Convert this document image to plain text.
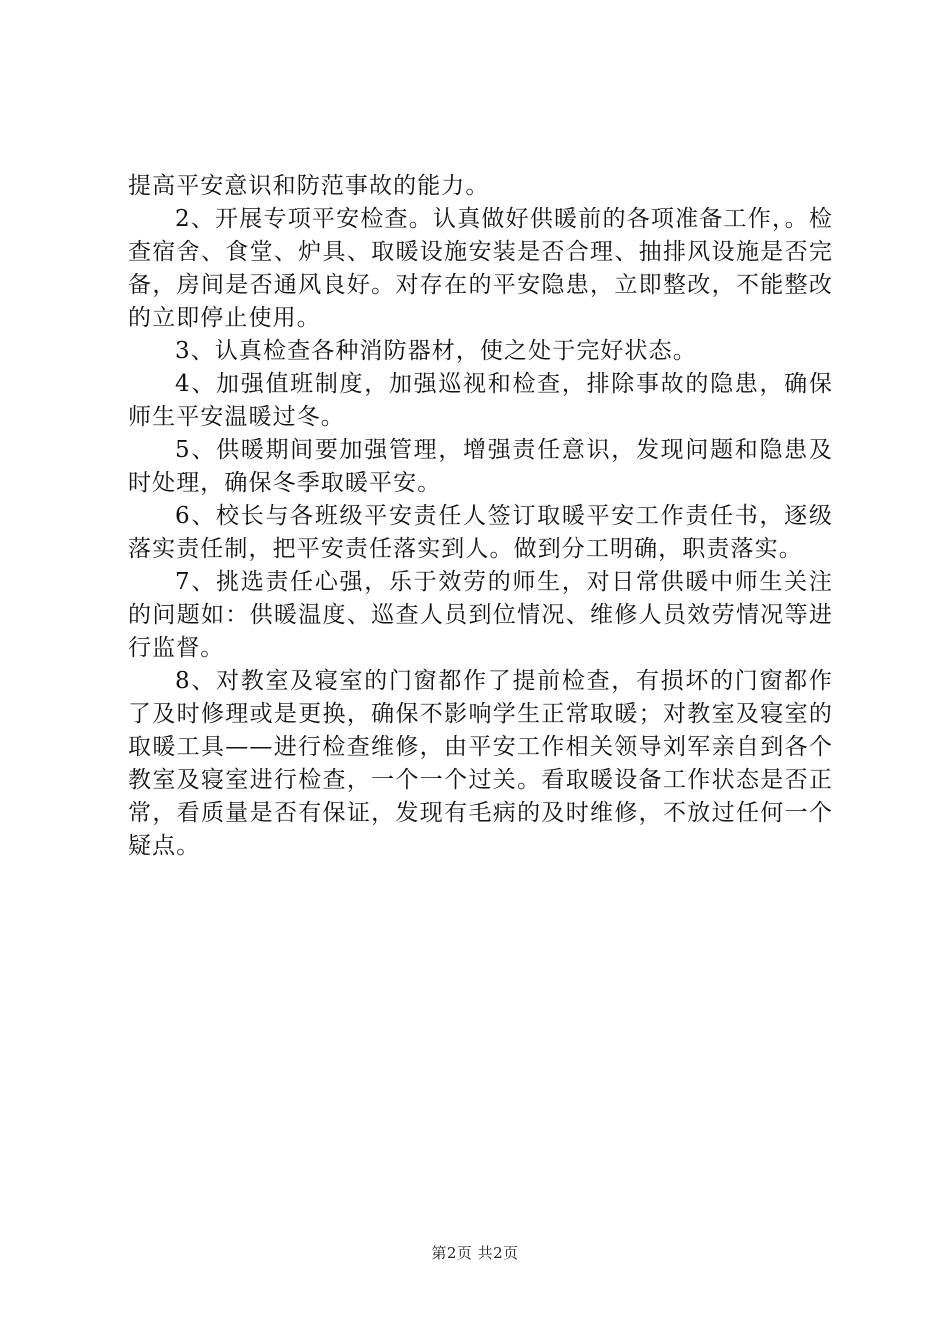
提高平安意识和防范事故的能力。

2、开展专项平安检查。认真做好供暖前的各项准备工作，。检查宿舍、食堂、炉具、取暖设施安装是否合理、抽排风设施是否完备，房间是否通风良好。对存在的平安隐患，立即整改，不能整改的立即停止使用。

3、认真检查各种消防器材，使之处于完好状态。

4、加强值班制度，加强巡视和检查，排除事故的隐患，确保师生平安温暖过冬。

5、供暖期间要加强管理，增强责任意识，发现问题和隐患及时处理，确保冬季取暖平安。

6、校长与各班级平安责任人签订取暖平安工作责任书，逐级落实责任制，把平安责任落实到人。做到分工明确，职责落实。

7、挑选责任心强，乐于效劳的师生，对日常供暖中师生关注的问题如：供暖温度、巡查人员到位情况、维修人员效劳情况等进行监督。

8、对教室及寝室的门窗都作了提前检查，有损坏的门窗都作了及时修理或是更换，确保不影响学生正常取暖；对教室及寝室的取暖工具——进行检查维修，由平安工作相关领导刘军亲自到各个教室及寝室进行检查，一个一个过关。看取暖设备工作状态是否正常，看质量是否有保证，发现有毛病的及时维修，不放过任何一个疑点。

第2页 共2页
